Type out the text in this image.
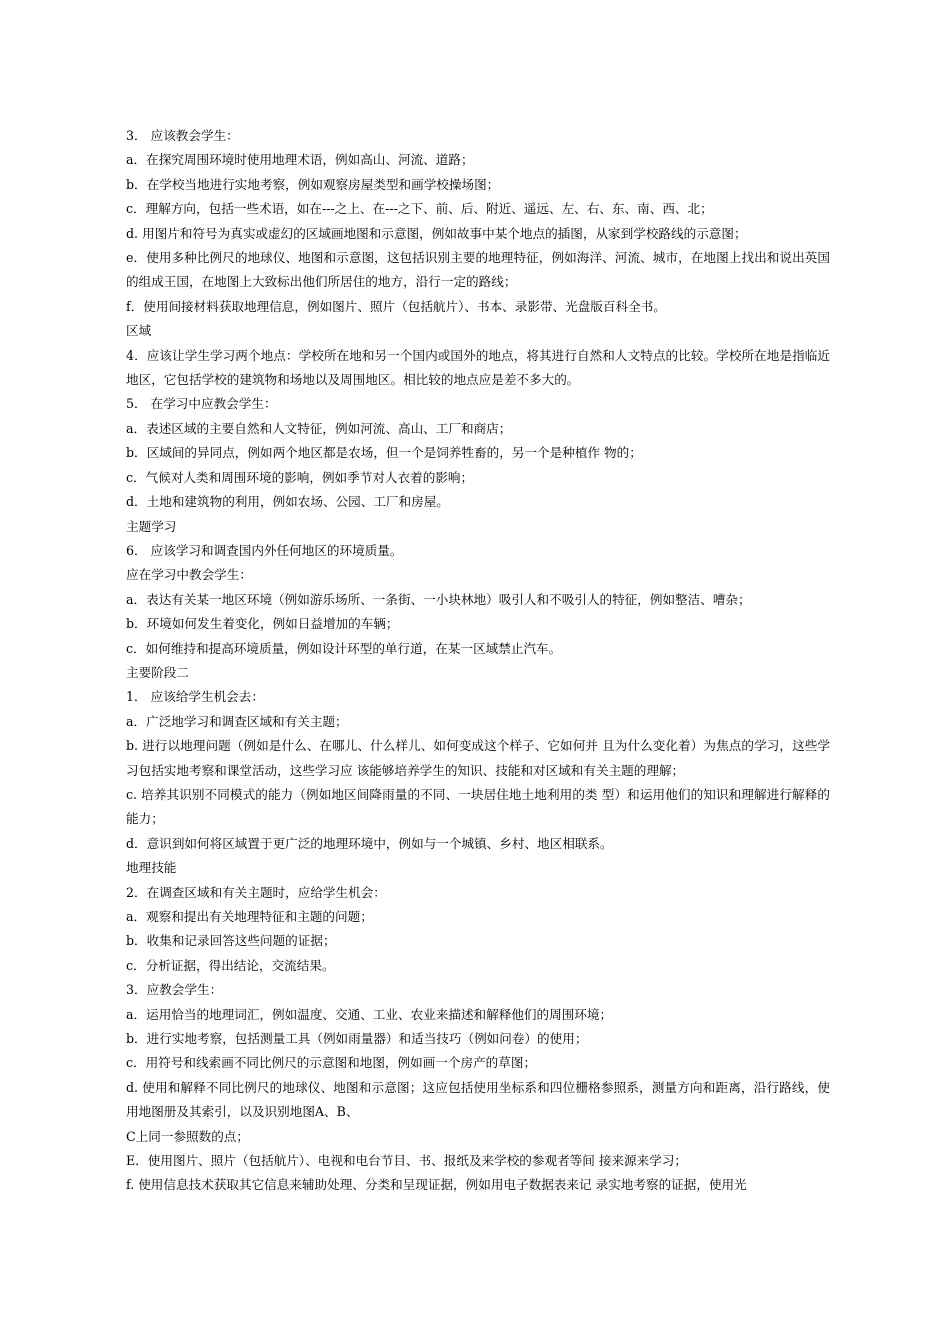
3． 应该教会学生：

a．在探究周围环境时使用地理术语，例如高山、河流、道路；

b．在学校当地进行实地考察，例如观察房屋类型和画学校操场图；

c．理解方向，包括一些术语，如在---之上、在---之下、前、后、附近、遥远、左、右、东、南、西、北；

d. 用图片和符号为真实或虚幻的区域画地图和示意图，例如故事中某个地点的插图，从家到学校路线的示意图；

e．使用多种比例尺的地球仪、地图和示意图，这包括识别主要的地理特征，例如海洋、河流、城市，在地图上找出和说出英国的组成王国，在地图上大致标出他们所居住的地方，沿行一定的路线；

f．使用间接材料获取地理信息，例如图片、照片（包括航片）、书本、录影带、光盘版百科全书。

区域

4．应该让学生学习两个地点：学校所在地和另一个国内或国外的地点，将其进行自然和人文特点的比较。学校所在地是指临近地区，它包括学校的建筑物和场地以及周围地区。相比较的地点应是差不多大的。

5． 在学习中应教会学生：

a．表述区域的主要自然和人文特征，例如河流、高山、工厂和商店；

b．区域间的异同点，例如两个地区都是农场，但一个是饲养牲畜的，另一个是种植作 物的；

c．气候对人类和周围环境的影响，例如季节对人衣着的影响；

d．土地和建筑物的利用，例如农场、公园、工厂和房屋。

主题学习

6． 应该学习和调查国内外任何地区的环境质量。

应在学习中教会学生：

a．表达有关某一地区环境（例如游乐场所、一条街、一小块林地）吸引人和不吸引人的特征，例如整洁、嘈杂；

b．环境如何发生着变化，例如日益增加的车辆；

c．如何维持和提高环境质量，例如设计环型的单行道，在某一区域禁止汽车。

主要阶段二

1． 应该给学生机会去：

a．广泛地学习和调查区域和有关主题；

b. 进行以地理问题（例如是什么、在哪儿、什么样儿、如何变成这个样子、它如何并 且为什么变化着）为焦点的学习，这些学习包括实地考察和课堂活动，这些学习应 该能够培养学生的知识、技能和对区域和有关主题的理解；

c. 培养其识别不同模式的能力（例如地区间降雨量的不同、一块居住地土地利用的类 型）和运用他们的知识和理解进行解释的能力；

d．意识到如何将区域置于更广泛的地理环境中，例如与一个城镇、乡村、地区相联系。

地理技能

2．在调查区域和有关主题时，应给学生机会：

a．观察和提出有关地理特征和主题的问题；

b．收集和记录回答这些问题的证据；

c．分析证据，得出结论，交流结果。

3．应教会学生：

a．运用恰当的地理词汇，例如温度、交通、工业、农业来描述和解释他们的周围环境；

b．进行实地考察，包括测量工具（例如雨量器）和适当技巧（例如问卷）的使用；

c．用符号和线索画不同比例尺的示意图和地图，例如画一个房产的草图；

d. 使用和解释不同比例尺的地球仪、地图和示意图；这应包括使用坐标系和四位栅格参照系，测量方向和距离，沿行路线，使用地图册及其索引，以及识别地图A、B、

C上同一参照数的点；

E．使用图片、照片（包括航片）、电视和电台节目、书、报纸及来学校的参观者等间 接来源来学习；

f. 使用信息技术获取其它信息来辅助处理、分类和呈现证据，例如用电子数据表来记 录实地考察的证据，使用光
